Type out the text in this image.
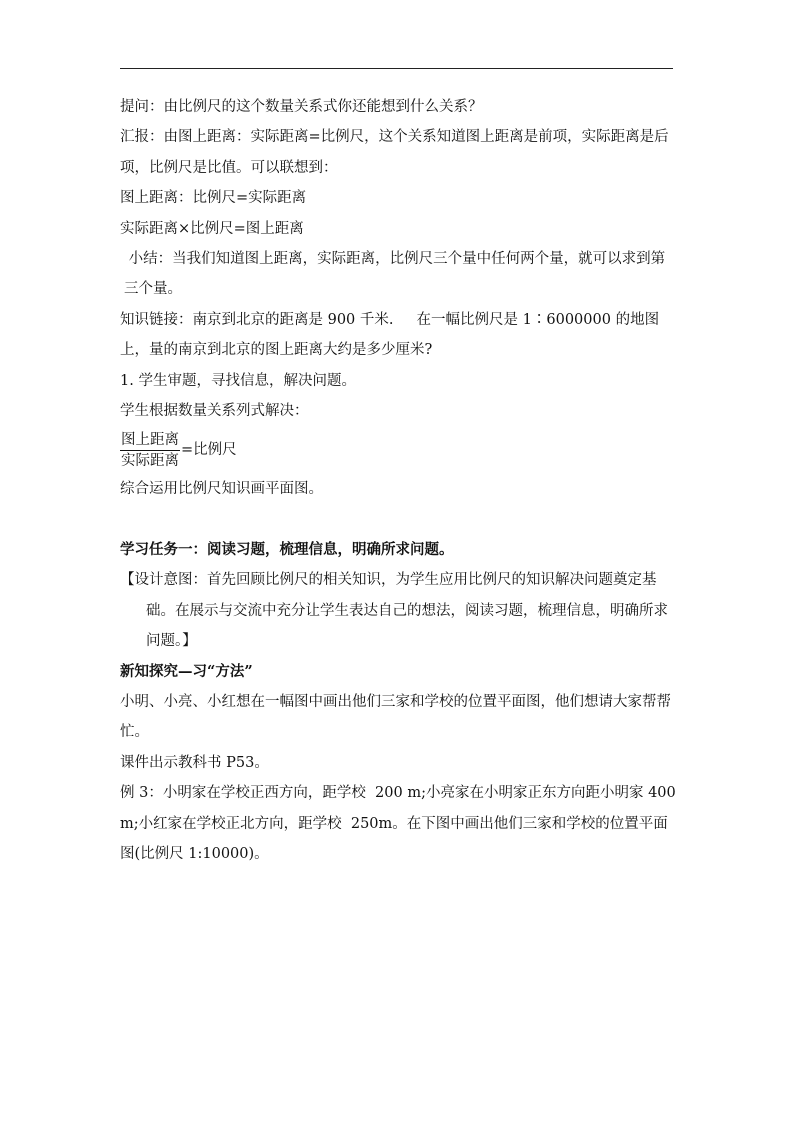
提问：由比例尺的这个数量关系式你还能想到什么关系？

汇报：由图上距离：实际距离=比例尺，这个关系知道图上距离是前项，实际距离是后项，比例尺是比值。可以联想到：

图上距离：比例尺=实际距离

实际距离×比例尺=图上距离

小结：当我们知道图上距离，实际距离，比例尺三个量中任何两个量，就可以求到第三个量。

知识链接：南京到北京的距离是 900 千米.     在一幅比例尺是 1∶6000000 的地图上，量的南京到北京的图上距离大约是多少厘米?

1. 学生审题，寻找信息，解决问题。

学生根据数量关系列式解决：

$\frac{\text{图上距离}}{\text{实际距离}}$ =比例尺

综合运用比例尺知识画平面图。

学习任务一：阅读习题，梳理信息，明确所求问题。

【设计意图：首先回顾比例尺的相关知识，为学生应用比例尺的知识解决问题奠定基础。在展示与交流中充分让学生表达自己的想法，阅读习题，梳理信息，明确所求问题。】

新知探究—习“方法”

小明、小亮、小红想在一幅图中画出他们三家和学校的位置平面图，他们想请大家帮帮忙。

课件出示教科书 P53。

例 3：小明家在学校正西方向，距学校  200 m;小亮家在小明家正东方向距小明家 400 m;小红家在学校正北方向，距学校  250m。在下图中画出他们三家和学校的位置平面图(比例尺 1:10000)。
